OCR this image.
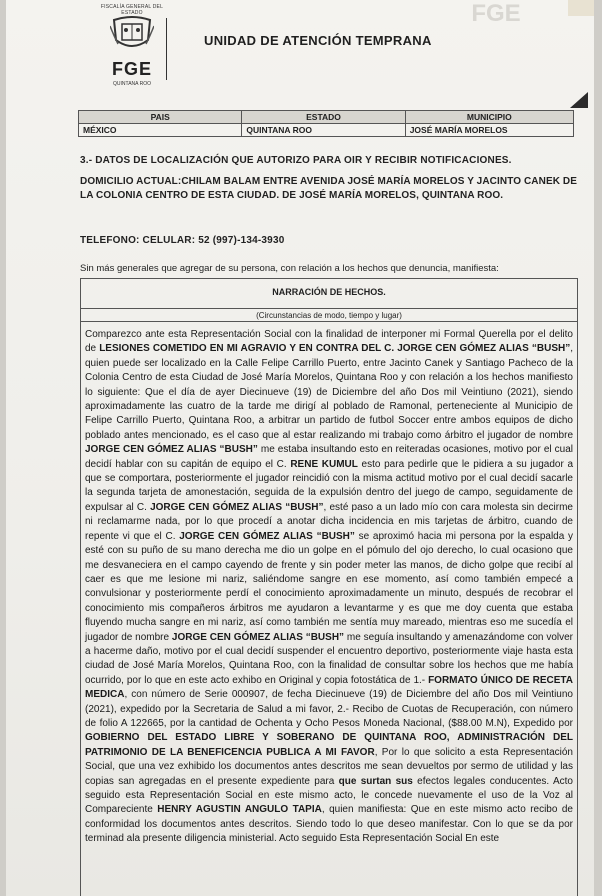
FGE
FISCALÍA GENERAL DEL ESTADO
FGE
QUINTANA ROO
UNIDAD DE ATENCIÓN TEMPRANA
PAIS	ESTADO	MUNICIPIO
MÉXICO	QUINTANA ROO	JOSÉ MARÍA MORELOS
3.- DATOS DE LOCALIZACIÓN QUE AUTORIZO PARA OIR Y RECIBIR NOTIFICACIONES.
DOMICILIO ACTUAL:CHILAM BALAM ENTRE AVENIDA JOSÉ MARÍA MORELOS Y JACINTO CANEK DE LA COLONIA CENTRO DE ESTA CIUDAD. DE JOSÉ MARÍA MORELOS, QUINTANA ROO.
TELEFONO: CELULAR: 52 (997)-134-3930
Sin más generales que agregar de su persona, con relación a los hechos que denuncia, manifiesta:
NARRACIÓN DE HECHOS.
(Circunstancias de modo, tiempo y lugar)
Comparezco ante esta Representación Social con la finalidad de interponer mi Formal Querella por el delito de LESIONES COMETIDO EN MI AGRAVIO Y EN CONTRA DEL C. JORGE CEN GÓMEZ ALIAS “BUSH”, quien puede ser localizado en la Calle Felipe Carrillo Puerto, entre Jacinto Canek y Santiago Pacheco de la Colonia Centro de esta Ciudad de José María Morelos, Quintana Roo y con relación a los hechos manifiesto lo siguiente: Que el día de ayer Diecinueve (19) de Diciembre del año Dos mil Veintiuno (2021), siendo aproximadamente las cuatro de la tarde me dirigí al poblado de Ramonal, perteneciente al Municipio de Felipe Carrillo Puerto, Quintana Roo, a arbitrar un partido de futbol Soccer entre ambos equipos de dicho poblado antes mencionado, es el caso que al estar realizando mi trabajo como árbitro el jugador de nombre JORGE CEN GÓMEZ ALIAS “BUSH” me estaba insultando esto en reiteradas ocasiones, motivo por el cual decidí hablar con su capitán de equipo el C. RENE KUMUL esto para pedirle que le pidiera a su jugador a que se comportara, posteriormente el jugador reincidió con la misma actitud motivo por el cual decidí sacarle la segunda tarjeta de amonestación, seguida de la expulsión dentro del juego de campo, seguidamente de expulsar al C. JORGE CEN GÓMEZ ALIAS “BUSH”, esté paso a un lado mío con cara molesta sin decirme ni reclamarme nada, por lo que procedí a anotar dicha incidencia en mis tarjetas de árbitro, cuando de repente vi que el C. JORGE CEN GÓMEZ ALIAS “BUSH” se aproximó hacia mi persona por la espalda y esté con su puño de su mano derecha me dio un golpe en el pómulo del ojo derecho, lo cual ocasiono que me desvaneciera en el campo cayendo de frente y sin poder meter las manos, de dicho golpe que recibí al caer es que me lesione mi nariz, saliéndome sangre en ese momento, así como también empecé a convulsionar y posteriormente perdí el conocimiento aproximadamente un minuto, después de recobrar el conocimiento mis compañeros árbitros me ayudaron a levantarme y es que me doy cuenta que estaba fluyendo mucha sangre en mi nariz, así como también me sentía muy mareado, mientras eso me sucedía el jugador de nombre JORGE CEN GÓMEZ ALIAS “BUSH” me seguía insultando y amenazándome con volver a hacerme daño, motivo por el cual decidí suspender el encuentro deportivo, posteriormente viaje hasta esta ciudad de José María Morelos, Quintana Roo, con la finalidad de consultar sobre los hechos que me había ocurrido, por lo que en este acto exhibo en Original y copia fotostática de 1.- FORMATO ÚNICO DE RECETA MEDICA, con número de Serie 000907, de fecha Diecinueve (19) de Diciembre del año Dos mil Veintiuno (2021), expedido por la Secretaria de Salud a mi favor, 2.- Recibo de Cuotas de Recuperación, con número de folio A 122665, por la cantidad de Ochenta y Ocho Pesos Moneda Nacional, ($88.00 M.N), Expedido por GOBIERNO DEL ESTADO LIBRE Y SOBERANO DE QUINTANA ROO, ADMINISTRACIÓN DEL PATRIMONIO DE LA BENEFICENCIA PUBLICA A MI FAVOR, Por lo que solicito a esta Representación Social, que una vez exhibido los documentos antes descritos me sean devueltos por sermo de utilidad y las copias san agregadas en el presente expediente para que surtan sus efectos legales conducentes. Acto seguido esta Representación Social en este mismo acto, le concede nuevamente el uso de la Voz al Compareciente HENRY AGUSTIN ANGULO TAPIA, quien manifiesta: Que en este mismo acto recibo de conformidad los documentos antes descritos. Siendo todo lo que deseo manifestar. Con lo que se da por terminad ala presente diligencia ministerial. Acto seguido Esta Representación Social En este
